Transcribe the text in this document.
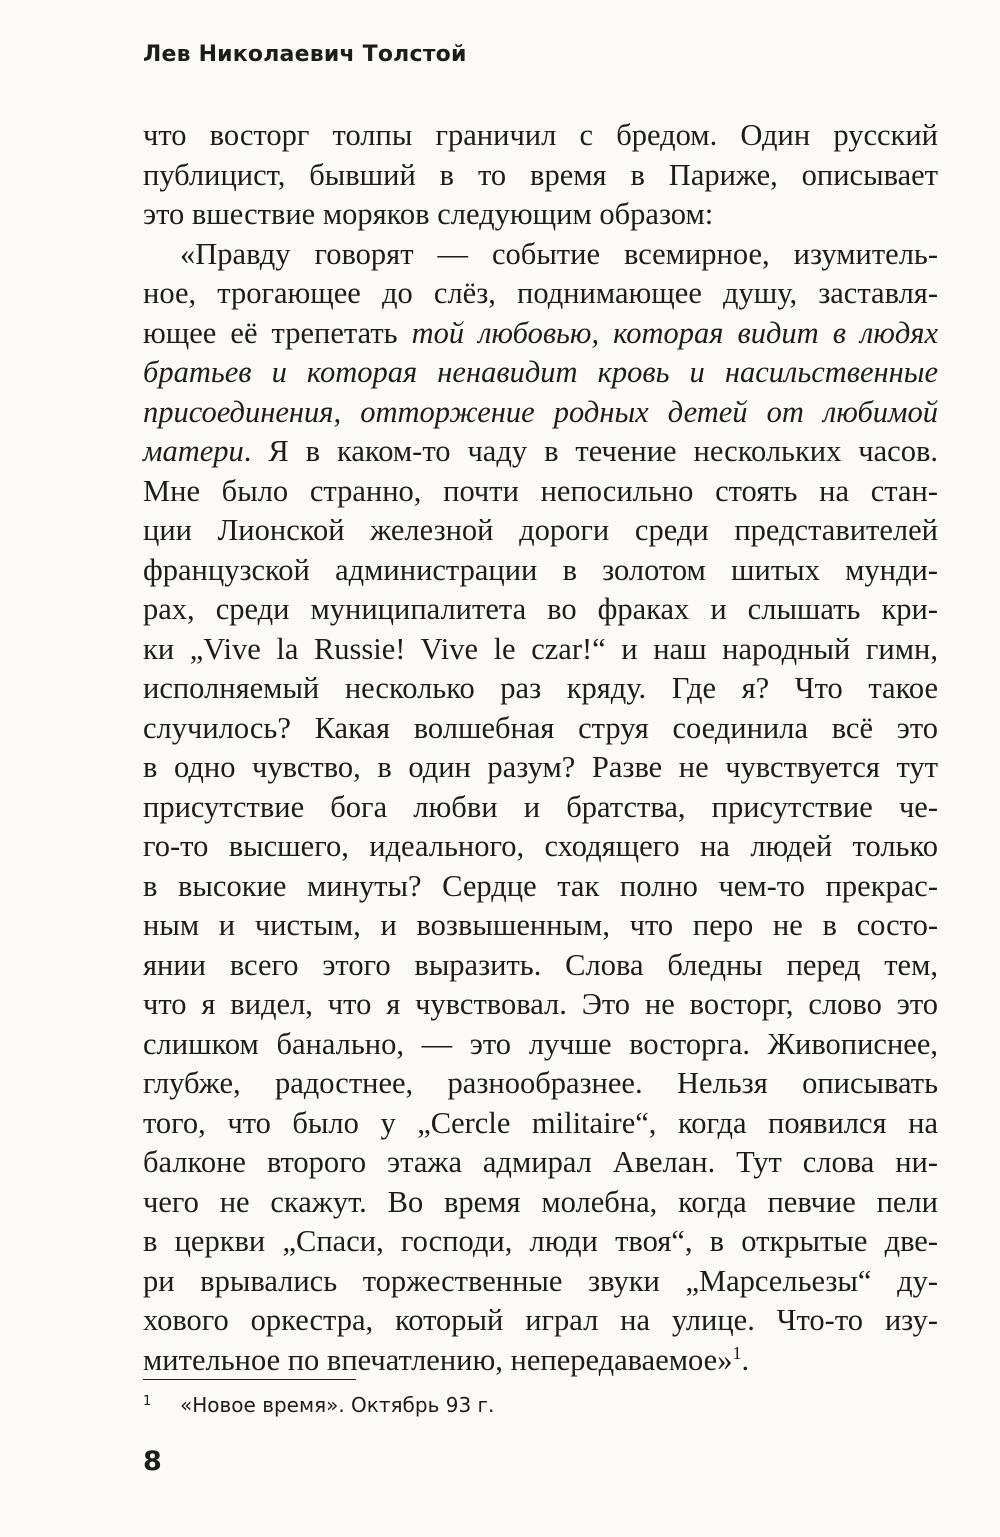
Лев Николаевич Толстой
что восторг толпы граничил с бредом. Один русский
публицист, бывший в то время в Париже, описывает
это вшествие моряков следующим образом:
«Правду говорят — событие всемирное, изумитель-
ное, трогающее до слёз, поднимающее душу, заставля-
ющее её трепетать той любовью, которая видит в людях
братьев и которая ненавидит кровь и насильственные
присоединения, отторжение родных детей от любимой
матери. Я в каком-то чаду в течение нескольких часов.
Мне было странно, почти непосильно стоять на стан-
ции Лионской железной дороги среди представителей
французской администрации в золотом шитых мунди-
рах, среди муниципалитета во фраках и слышать кри-
ки „Vive la Russie! Vive le czar!“ и наш народный гимн,
исполняемый несколько раз кряду. Где я? Что такое
случилось? Какая волшебная струя соединила всё это
в одно чувство, в один разум? Разве не чувствуется тут
присутствие бога любви и братства, присутствие че-
го-то высшего, идеального, сходящего на людей только
в высокие минуты? Сердце так полно чем-то прекрас-
ным и чистым, и возвышенным, что перо не в состо-
янии всего этого выразить. Слова бледны перед тем,
что я видел, что я чувствовал. Это не восторг, слово это
слишком банально, — это лучше восторга. Живописнее,
глубже, радостнее, разнообразнее. Нельзя описывать
того, что было у „Cercle militaire“, когда появился на
балконе второго этажа адмирал Авелан. Тут слова ни-
чего не скажут. Во время молебна, когда певчие пели
в церкви „Спаси, господи, люди твоя“, в открытые две-
ри врывались торжественные звуки „Марсельезы“ ду-
хового оркестра, который играл на улице. Что-то изу-
мительное по впечатлению, непередаваемое»$^1$.
1	«Новое время». Октябрь 93 г.
8
